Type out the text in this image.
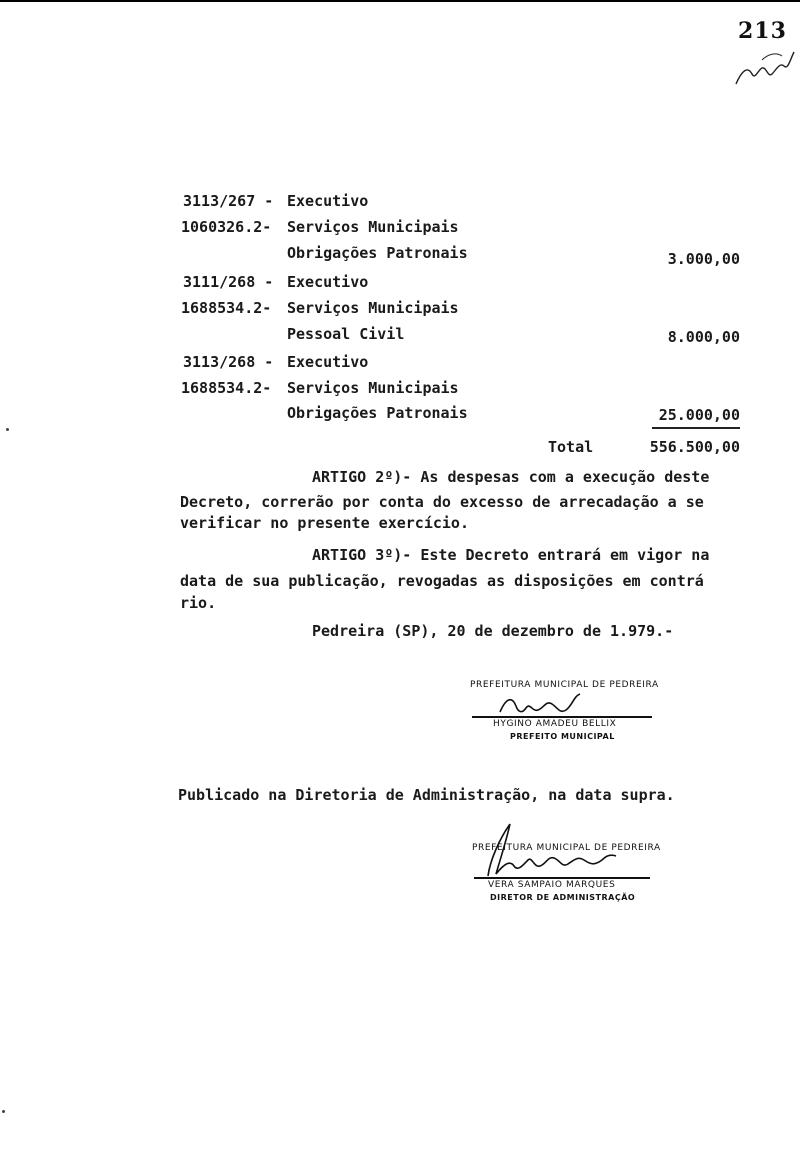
213
3113/267 - Executivo
1060326.2- Serviços Municipais
Obrigações Patronais	3.000,00
3111/268 - Executivo
1688534.2- Serviços Municipais
Pessoal Civil	8.000,00
3113/268 - Executivo
1688534.2- Serviços Municipais
Obrigações Patronais	25.000,00
Total	556.500,00
ARTIGO 2º)- As despesas com a execução deste
Decreto, correrão por conta do excesso de arrecadação a se
verificar no presente exercício.
ARTIGO 3º)- Este Decreto entrará em vigor na
data de sua publicação, revogadas as disposições em contrá
rio.
Pedreira (SP), 20 de dezembro de 1.979.-
PREFEITURA MUNICIPAL DE PEDREIRA
HYGINO AMADEU BELLIX
PREFEITO MUNICIPAL
Publicado na Diretoria de Administração, na data supra.
PREFEITURA MUNICIPAL DE PEDREIRA
VERA SAMPAIO MARQUES
DIRETOR DE ADMINISTRAÇÃO
